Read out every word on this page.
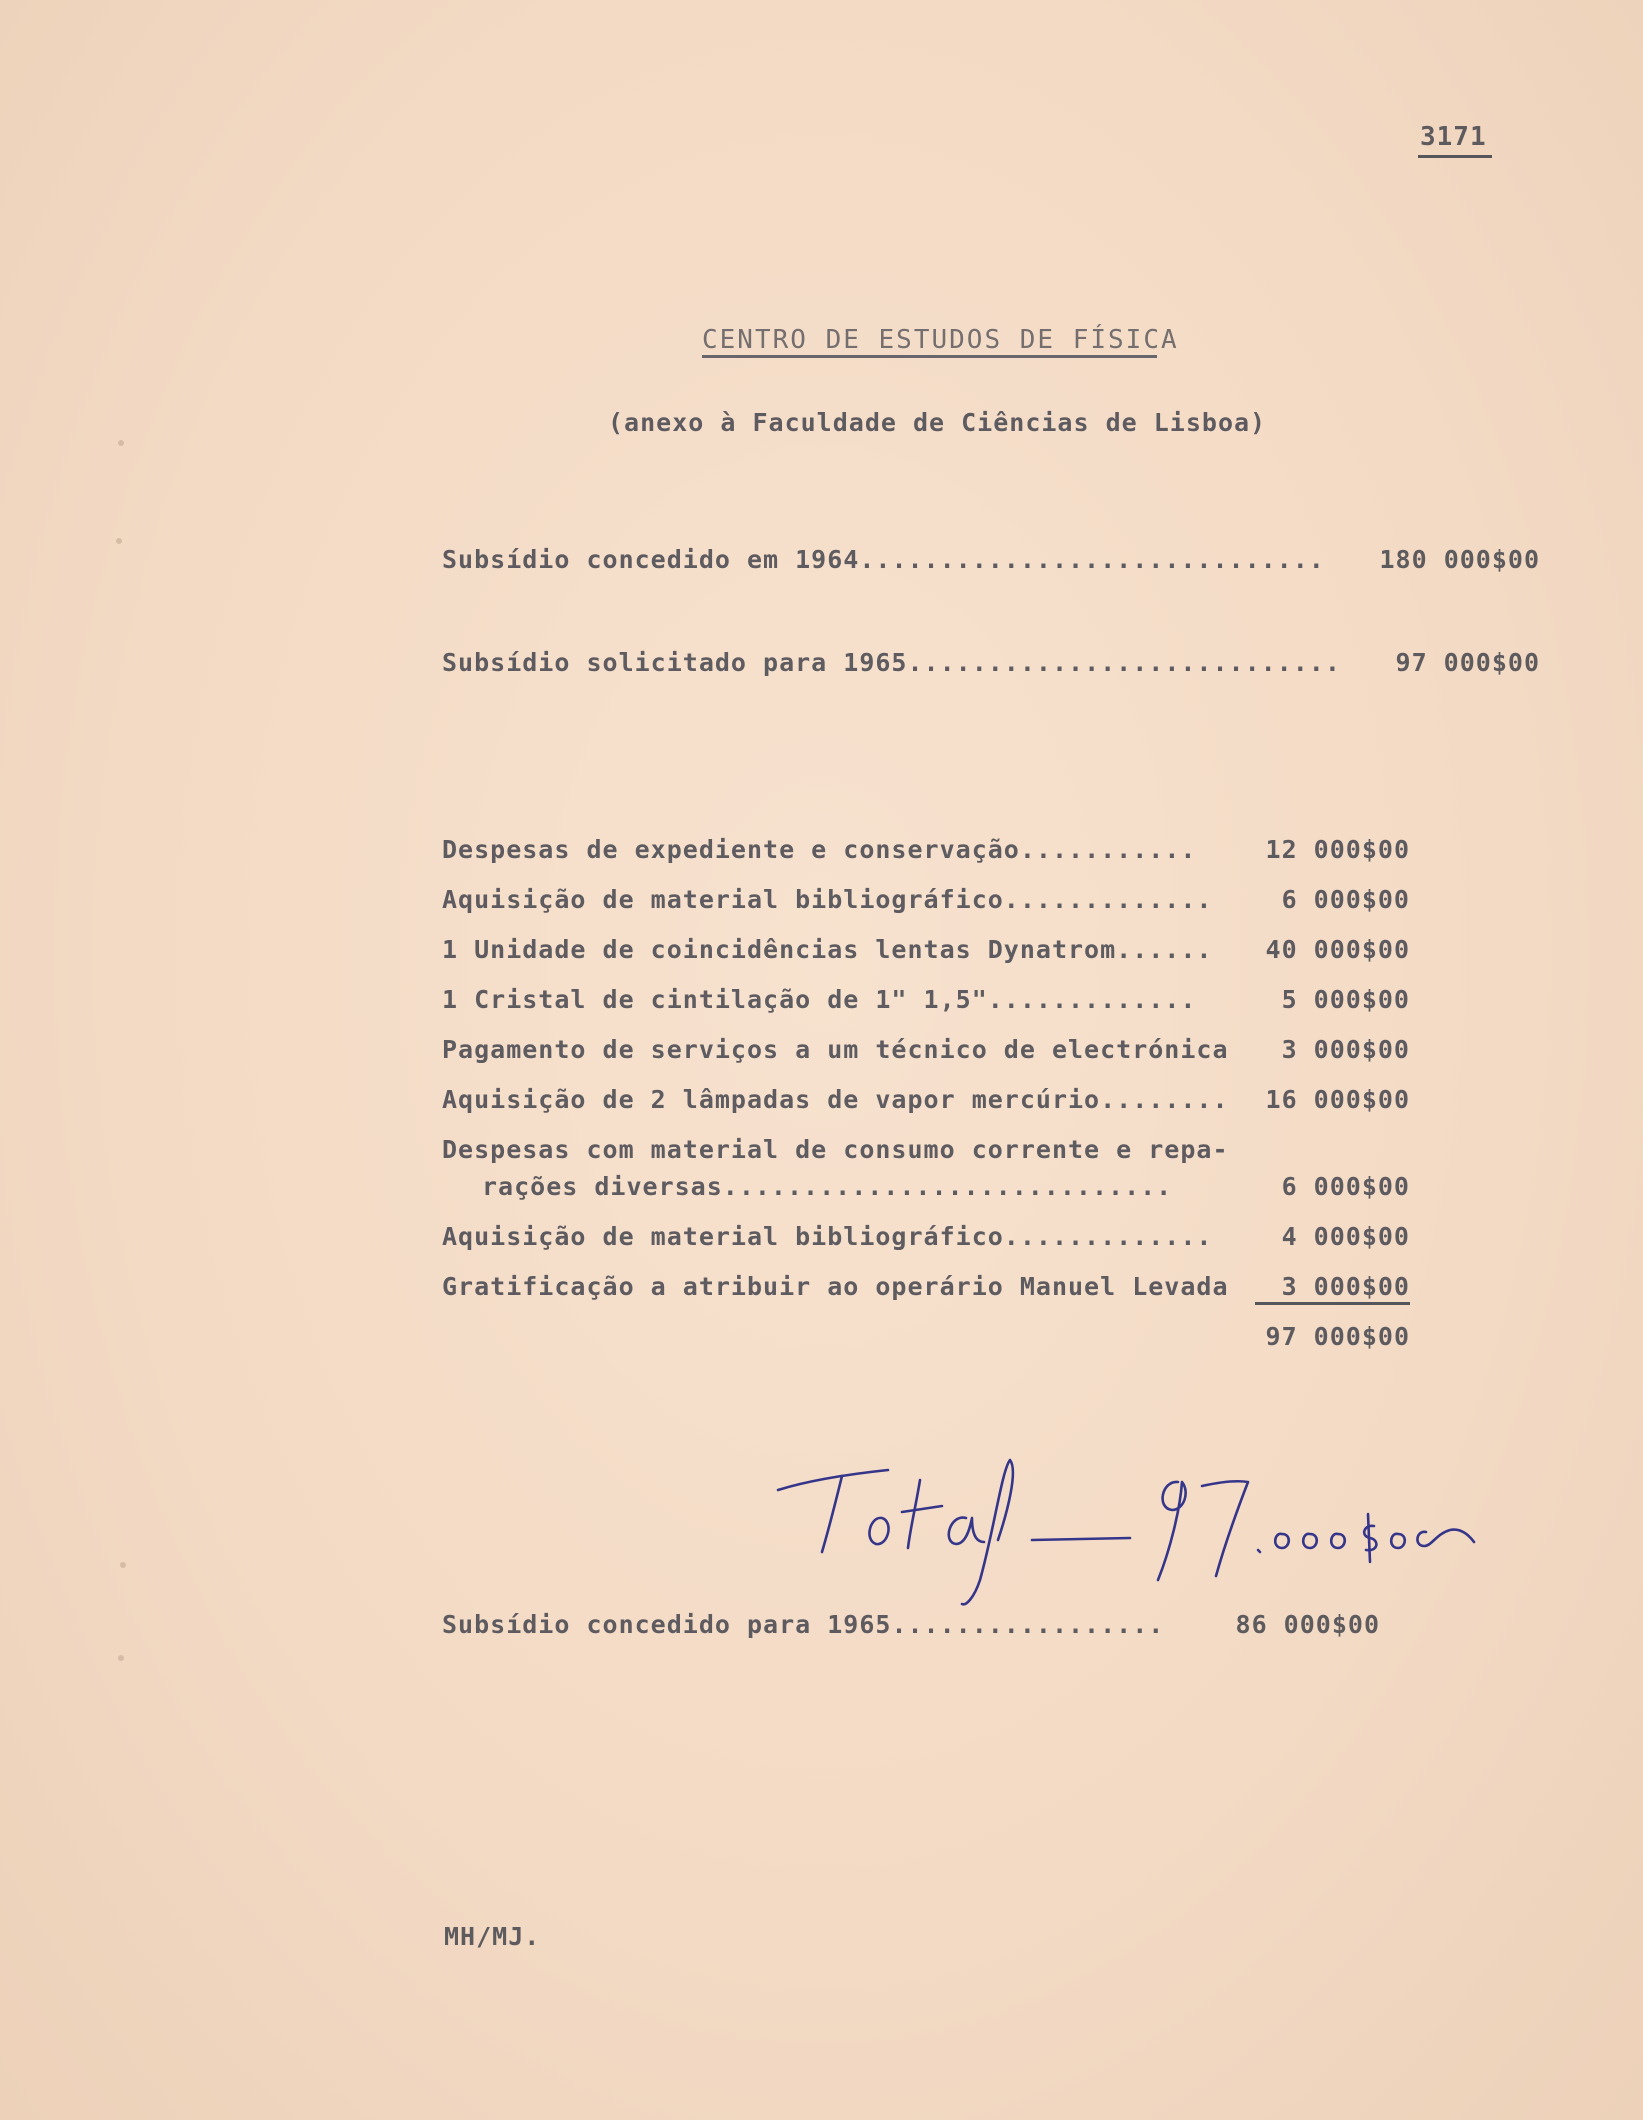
3171
CENTRO DE ESTUDOS DE FÍSICA
(anexo à Faculdade de Ciências de Lisboa)
Subsídio concedido em 1964.............................	180 000$00
Subsídio solicitado para 1965...........................	97 000$00
Despesas de expediente e conservação...........	12 000$00
Aquisição de material bibliográfico.............	6 000$00
1 Unidade de coincidências lentas Dynatrom......	40 000$00
1 Cristal de cintilação de 1" 1,5".............	5 000$00
Pagamento de serviços a um técnico de electrónica	3 000$00
Aquisição de 2 lâmpadas de vapor mercúrio........	16 000$00
Despesas com material de consumo corrente e repa-
rações diversas............................	6 000$00
Aquisição de material bibliográfico.............	4 000$00
Gratificação a atribuir ao operário Manuel Levada	3 000$00
97 000$00
Subsídio concedido para 1965.................	86 000$00
MH/MJ.
